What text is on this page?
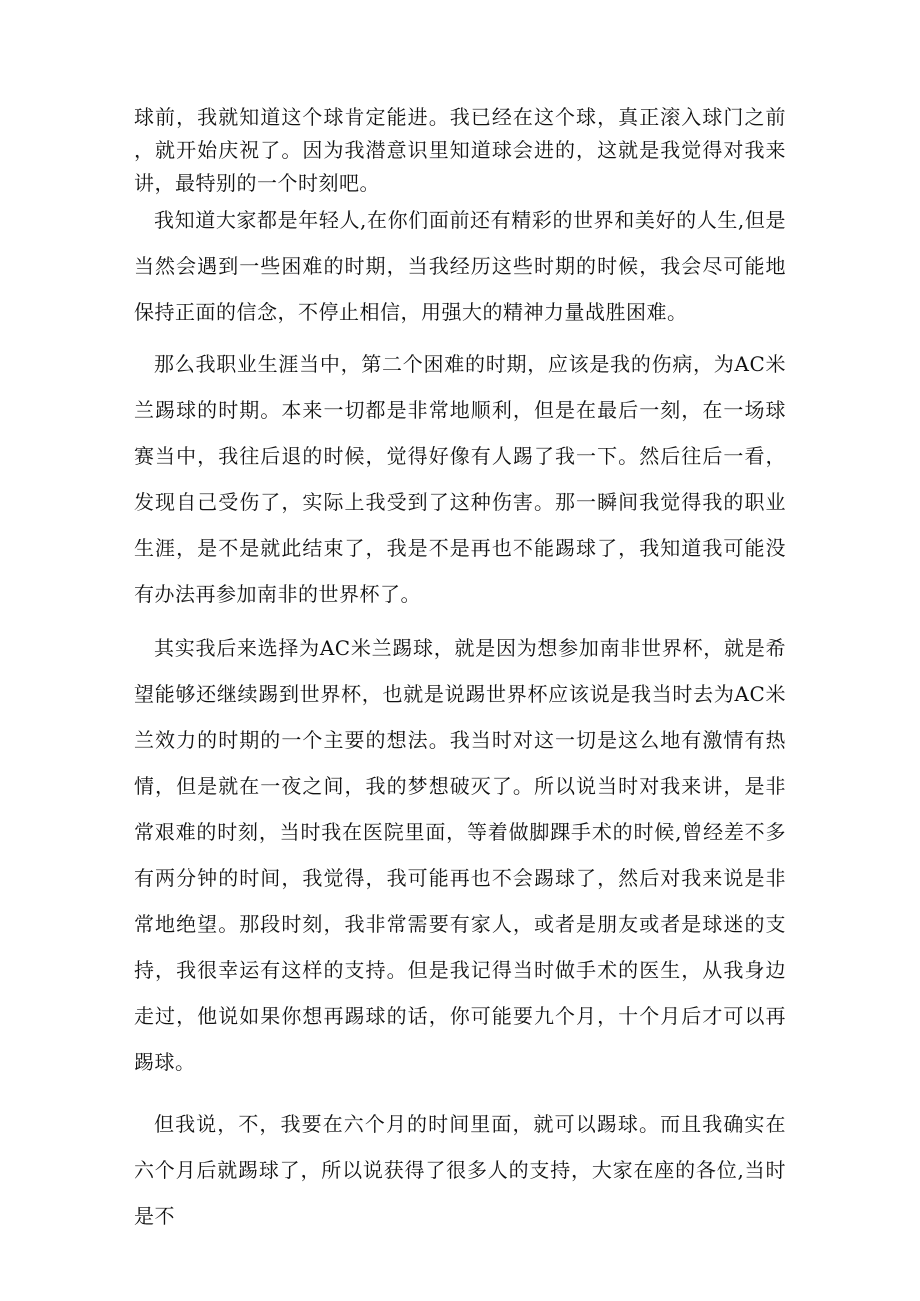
球前，我就知道这个球肯定能进。我已经在这个球，真正滚入球门之前，就开始庆祝了。因为我潜意识里知道球会进的，这就是我觉得对我来讲，最特别的一个时刻吧。

我知道大家都是年轻人,在你们面前还有精彩的世界和美好的人生,但是当然会遇到一些困难的时期，当我经历这些时期的时候，我会尽可能地保持正面的信念，不停止相信，用强大的精神力量战胜困难。

那么我职业生涯当中，第二个困难的时期，应该是我的伤病，为AC米兰踢球的时期。本来一切都是非常地顺利，但是在最后一刻，在一场球赛当中，我往后退的时候，觉得好像有人踢了我一下。然后往后一看，发现自己受伤了，实际上我受到了这种伤害。那一瞬间我觉得我的职业生涯，是不是就此结束了，我是不是再也不能踢球了，我知道我可能没有办法再参加南非的世界杯了。

其实我后来选择为AC米兰踢球，就是因为想参加南非世界杯，就是希望能够还继续踢到世界杯，也就是说踢世界杯应该说是我当时去为AC米兰效力的时期的一个主要的想法。我当时对这一切是这么地有激情有热情，但是就在一夜之间，我的梦想破灭了。所以说当时对我来讲，是非常艰难的时刻，当时我在医院里面，等着做脚踝手术的时候,曾经差不多有两分钟的时间，我觉得，我可能再也不会踢球了，然后对我来说是非常地绝望。那段时刻，我非常需要有家人，或者是朋友或者是球迷的支持，我很幸运有这样的支持。但是我记得当时做手术的医生，从我身边走过，他说如果你想再踢球的话，你可能要九个月，十个月后才可以再踢球。

但我说，不，我要在六个月的时间里面，就可以踢球。而且我确实在六个月后就踢球了，所以说获得了很多人的支持，大家在座的各位,当时是不
